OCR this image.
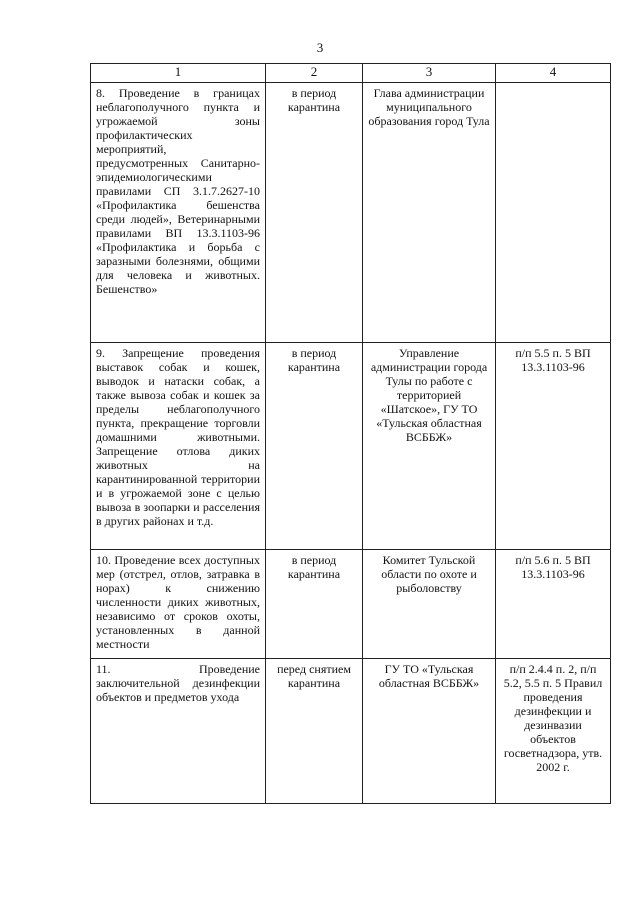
3
1	2	3	4
8. Проведение в границах неблагополучного пункта и угрожаемой зоны профилактических мероприятий, предусмотренных Санитарно-эпидемиологическими правилами СП 3.1.7.2627-10 «Профилактика бешенства среди людей», Ветеринарными правилами ВП 13.3.1103-96 «Профилактика и борьба с заразными болезнями, общими для человека и животных. Бешенство»	в период карантина	Глава администрации муниципального образования город Тула	
9. Запрещение проведения выставок собак и кошек, выводок и натаски собак, а также вывоза собак и кошек за пределы неблагополучного пункта, прекращение торговли домашними животными. Запрещение отлова диких животных на карантинированной территории и в угрожаемой зоне с целью вывоза в зоопарки и расселения в других районах и т.д.	в период карантина	Управление администрации города Тулы по работе с территорией «Шатское», ГУ ТО «Тульская областная ВСББЖ»	п/п 5.5 п. 5 ВП 13.3.1103-96
10. Проведение всех доступных мер (отстрел, отлов, затравка в норах) к снижению численности диких животных, независимо от сроков охоты, установленных в данной местности	в период карантина	Комитет Тульской области по охоте и рыболовству	п/п 5.6 п. 5 ВП 13.3.1103-96
11. Проведение заключительной дезинфекции объектов и предметов ухода	перед снятием карантина	ГУ ТО «Тульская областная ВСББЖ»	п/п 2.4.4 п. 2, п/п 5.2, 5.5 п. 5 Правил проведения дезинфекции и дезинвазии объектов госветнадзора, утв. 2002 г.
